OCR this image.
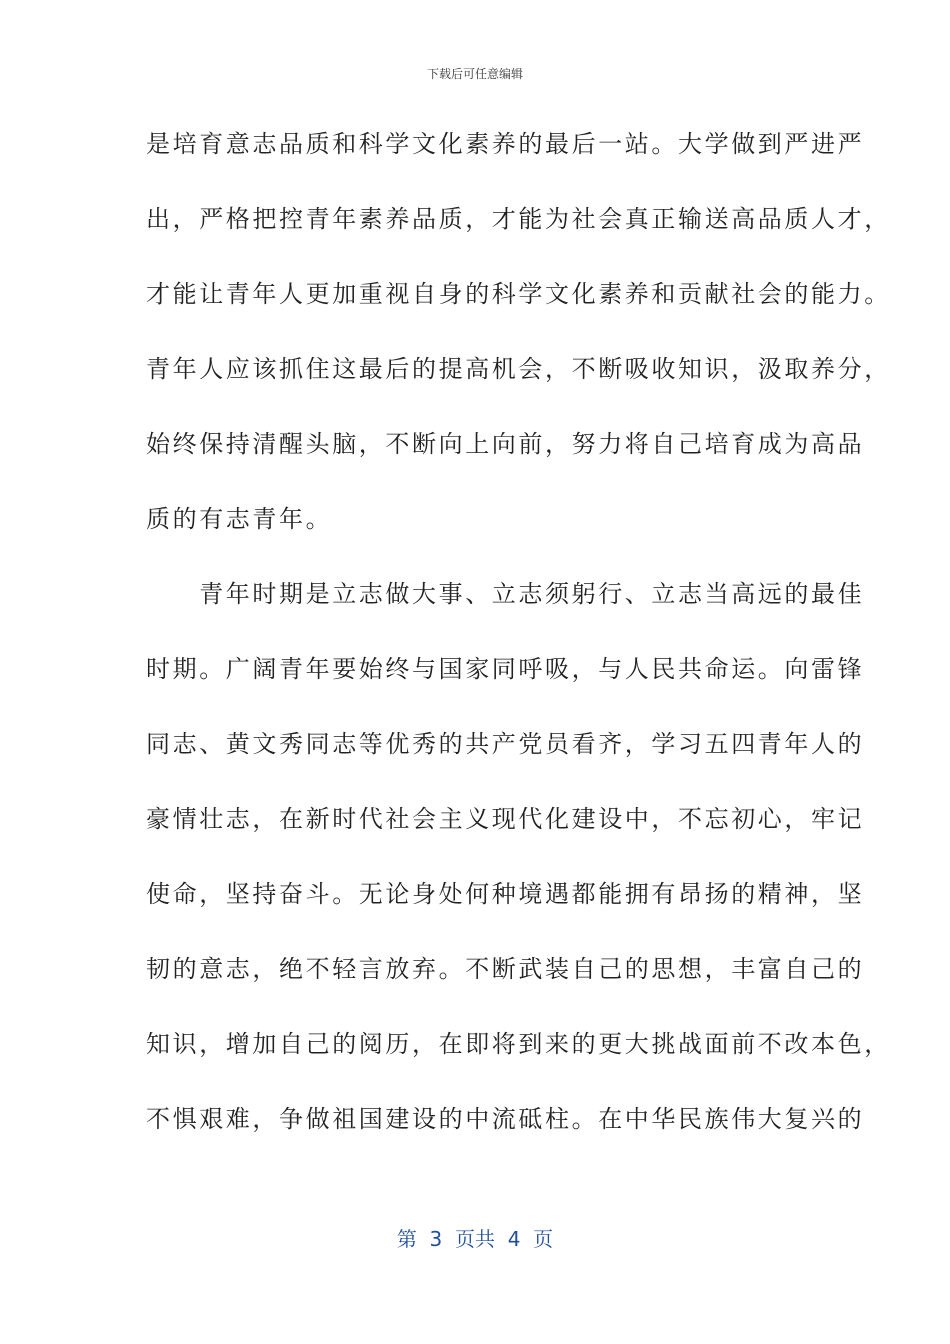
下载后可任意编辑
是培育意志品质和科学文化素养的最后一站。大学做到严进严
出，严格把控青年素养品质，才能为社会真正输送高品质人才，
才能让青年人更加重视自身的科学文化素养和贡献社会的能力。
青年人应该抓住这最后的提高机会，不断吸收知识，汲取养分，
始终保持清醒头脑，不断向上向前，努力将自己培育成为高品
质的有志青年。
　　青年时期是立志做大事、立志须躬行、立志当高远的最佳
时期。广阔青年要始终与国家同呼吸，与人民共命运。向雷锋
同志、黄文秀同志等优秀的共产党员看齐，学习五四青年人的
豪情壮志，在新时代社会主义现代化建设中，不忘初心，牢记
使命，坚持奋斗。无论身处何种境遇都能拥有昂扬的精神，坚
韧的意志，绝不轻言放弃。不断武装自己的思想，丰富自己的
知识，增加自己的阅历，在即将到来的更大挑战面前不改本色，
不惧艰难，争做祖国建设的中流砥柱。在中华民族伟大复兴的
第  3  页共  4  页
